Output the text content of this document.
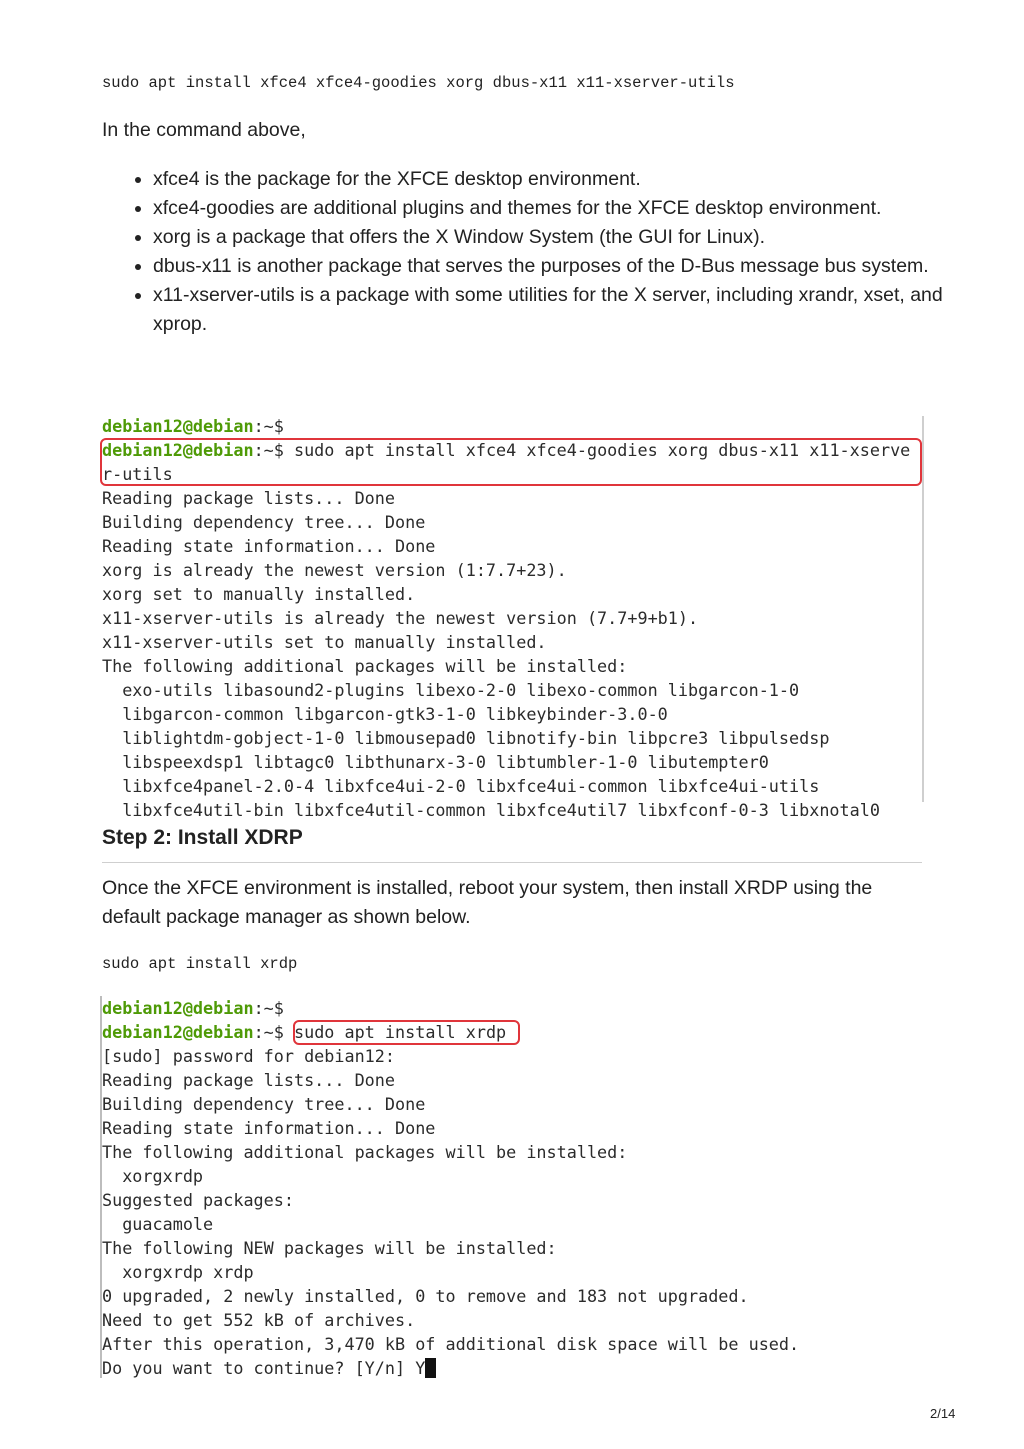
sudo apt install xfce4 xfce4-goodies xorg dbus-x11 x11-xserver-utils
In the command above,
xfce4 is the package for the XFCE desktop environment.
xfce4-goodies are additional plugins and themes for the XFCE desktop environment.
xorg is a package that offers the X Window System (the GUI for Linux).
dbus-x11 is another package that serves the purposes of the D-Bus message bus system.
x11-xserver-utils is a package with some utilities for the X server, including xrandr, xset, and xprop.
debian12@debian:~$
debian12@debian:~$ sudo apt install xfce4 xfce4-goodies xorg dbus-x11 x11-xserve
r-utils
Reading package lists... Done
Building dependency tree... Done
Reading state information... Done
xorg is already the newest version (1:7.7+23).
xorg set to manually installed.
x11-xserver-utils is already the newest version (7.7+9+b1).
x11-xserver-utils set to manually installed.
The following additional packages will be installed:
exo-utils libasound2-plugins libexo-2-0 libexo-common libgarcon-1-0
libgarcon-common libgarcon-gtk3-1-0 libkeybinder-3.0-0
liblightdm-gobject-1-0 libmousepad0 libnotify-bin libpcre3 libpulsedsp
libspeexdsp1 libtagc0 libthunarx-3-0 libtumbler-1-0 libutempter0
libxfce4panel-2.0-4 libxfce4ui-2-0 libxfce4ui-common libxfce4ui-utils
libxfce4util-bin libxfce4util-common libxfce4util7 libxfconf-0-3 libxnotal0
Step 2: Install XDRP
Once the XFCE environment is installed, reboot your system, then install XRDP using the default package manager as shown below.
sudo apt install xrdp
debian12@debian:~$
debian12@debian:~$ sudo apt install xrdp
[sudo] password for debian12:
Reading package lists... Done
Building dependency tree... Done
Reading state information... Done
The following additional packages will be installed:
xorgxrdp
Suggested packages:
guacamole
The following NEW packages will be installed:
xorgxrdp xrdp
0 upgraded, 2 newly installed, 0 to remove and 183 not upgraded.
Need to get 552 kB of archives.
After this operation, 3,470 kB of additional disk space will be used.
Do you want to continue? [Y/n] Y
2/14
